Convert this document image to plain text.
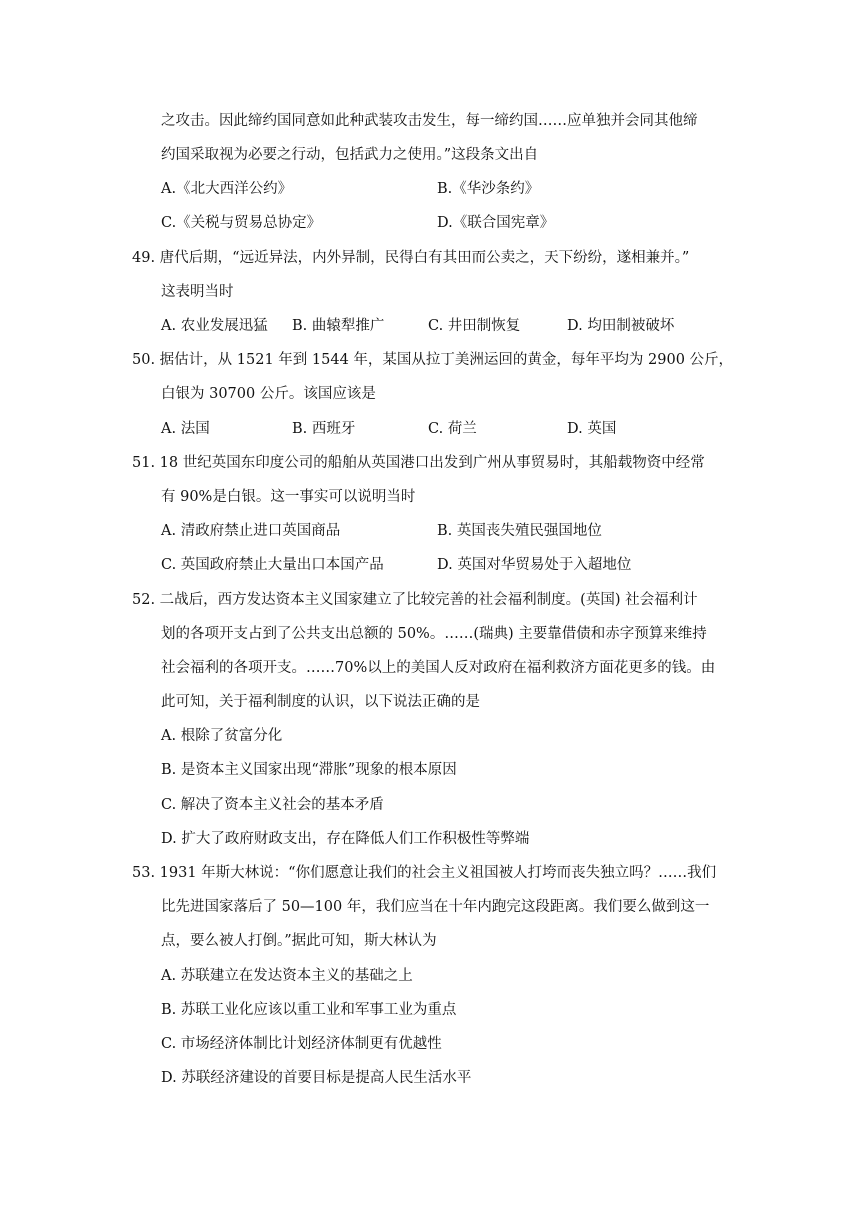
之攻击。因此缔约国同意如此种武装攻击发生，每一缔约国……应单独并会同其他缔
约国采取视为必要之行动，包括武力之使用。”这段条文出自
A.《北大西洋公约》	B.《华沙条约》
C.《关税与贸易总协定》	D.《联合国宪章》
49. 唐代后期，“远近异法，内外异制，民得白有其田而公卖之，天下纷纷，遂相兼并。”
这表明当时
A. 农业发展迅猛 B. 曲辕犁推广	C. 井田制恢复	D. 均田制被破坏
50. 据估计，从 1521 年到 1544 年，某国从拉丁美洲运回的黄金，每年平均为 2900 公斤，
白银为 30700 公斤。该国应该是
A. 法国	B. 西班牙	C. 荷兰	D. 英国
51. 18 世纪英国东印度公司的船舶从英国港口出发到广州从事贸易时，其船载物资中经常
有 90%是白银。这一事实可以说明当时
A. 清政府禁止进口英国商品	B. 英国丧失殖民强国地位
C. 英国政府禁止大量出口本国产品	D. 英国对华贸易处于入超地位
52. 二战后，西方发达资本主义国家建立了比较完善的社会福利制度。(英国) 社会福利计
划的各项开支占到了公共支出总额的 50%。……(瑞典) 主要靠借债和赤字预算来维持
社会福利的各项开支。……70%以上的美国人反对政府在福利救济方面花更多的钱。由
此可知，关于福利制度的认识，以下说法正确的是
A. 根除了贫富分化
B. 是资本主义国家出现“滞胀”现象的根本原因
C. 解决了资本主义社会的基本矛盾
D. 扩大了政府财政支出，存在降低人们工作积极性等弊端
53. 1931 年斯大林说：“你们愿意让我们的社会主义祖国被人打垮而丧失独立吗？……我们
比先进国家落后了 50—100 年，我们应当在十年内跑完这段距离。我们要么做到这一
点，要么被人打倒。”据此可知，斯大林认为
A. 苏联建立在发达资本主义的基础之上
B. 苏联工业化应该以重工业和军事工业为重点
C. 市场经济体制比计划经济体制更有优越性
D. 苏联经济建设的首要目标是提高人民生活水平
